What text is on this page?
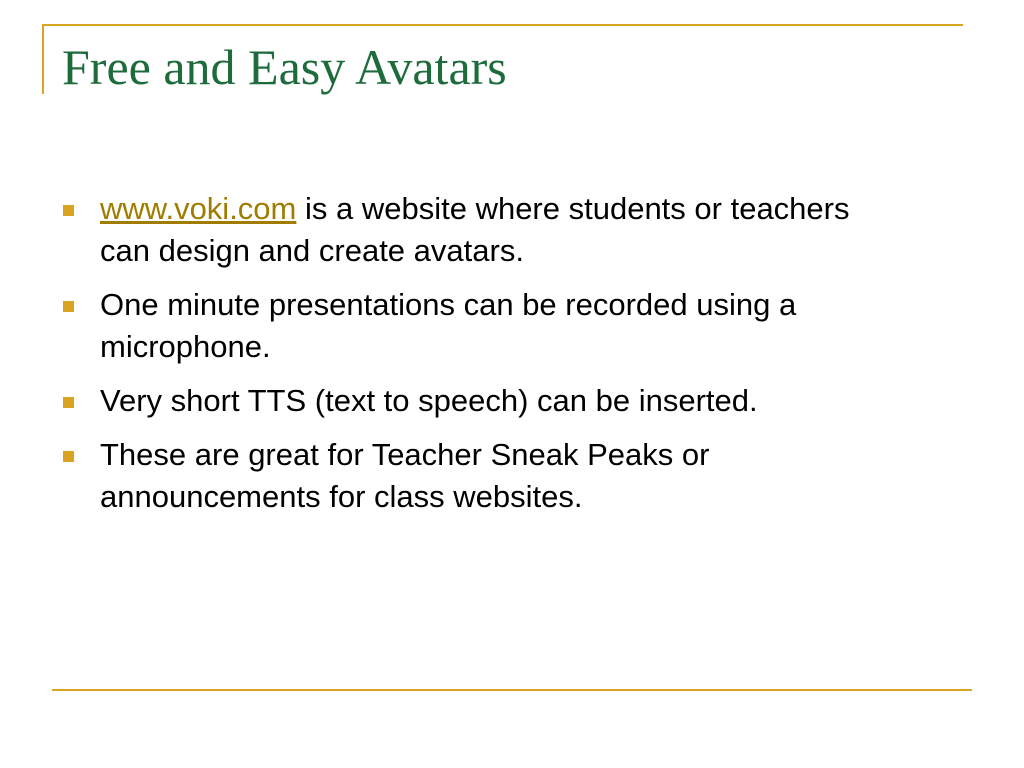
Free and Easy Avatars
www.voki.com is a website where students or teachers can design and create avatars.
One minute presentations can be recorded using a microphone.
Very short TTS (text to speech) can be inserted.
These are great for Teacher Sneak Peaks or announcements for class websites.
